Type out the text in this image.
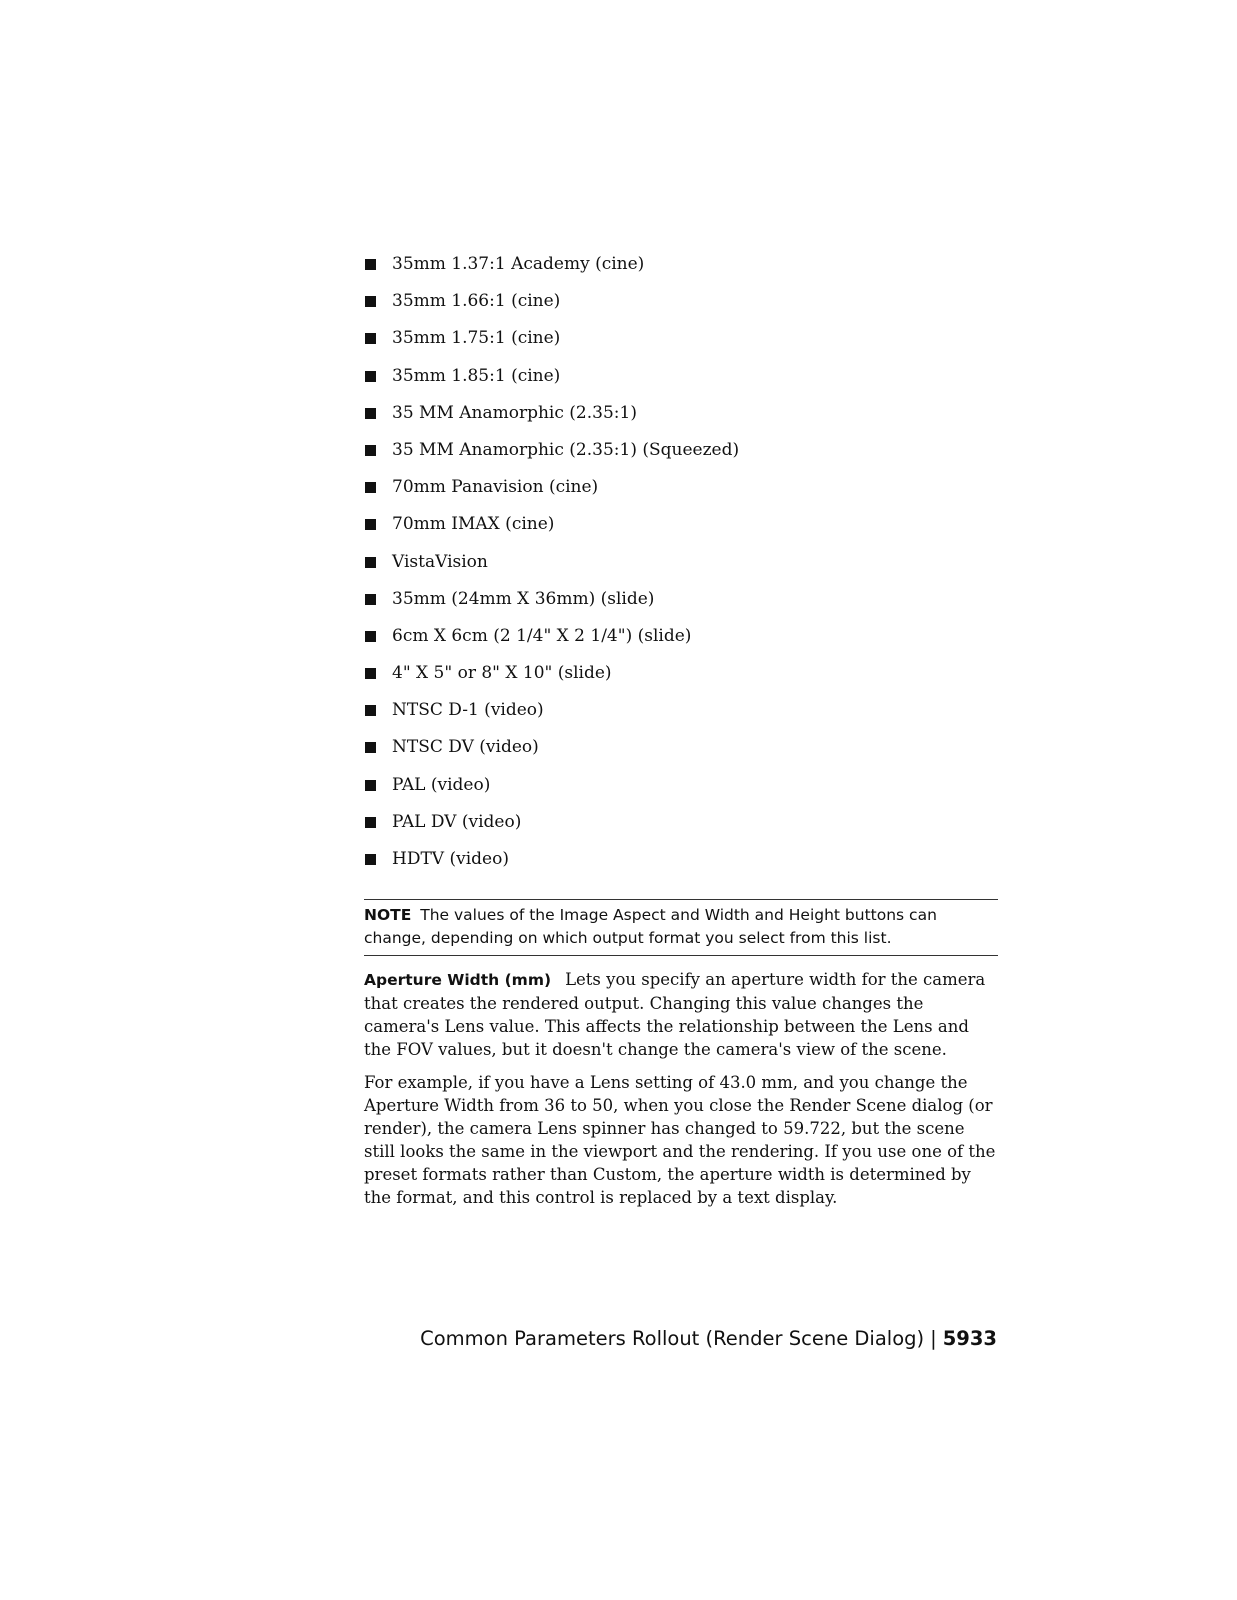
35mm 1.37:1 Academy (cine)
35mm 1.66:1 (cine)
35mm 1.75:1 (cine)
35mm 1.85:1 (cine)
35 MM Anamorphic (2.35:1)
35 MM Anamorphic (2.35:1) (Squeezed)
70mm Panavision (cine)
70mm IMAX (cine)
VistaVision
35mm (24mm X 36mm) (slide)
6cm X 6cm (2 1/4" X 2 1/4") (slide)
4" X 5" or 8" X 10" (slide)
NTSC D-1 (video)
NTSC DV (video)
PAL (video)
PAL DV (video)
HDTV (video)
NOTE The values of the Image Aspect and Width and Height buttons can change, depending on which output format you select from this list.

Aperture Width (mm) Lets you specify an aperture width for the camera that creates the rendered output. Changing this value changes the camera's Lens value. This affects the relationship between the Lens and the FOV values, but it doesn't change the camera's view of the scene.

For example, if you have a Lens setting of 43.0 mm, and you change the Aperture Width from 36 to 50, when you close the Render Scene dialog (or render), the camera Lens spinner has changed to 59.722, but the scene still looks the same in the viewport and the rendering. If you use one of the preset formats rather than Custom, the aperture width is determined by the format, and this control is replaced by a text display.

Common Parameters Rollout (Render Scene Dialog) | 5933
